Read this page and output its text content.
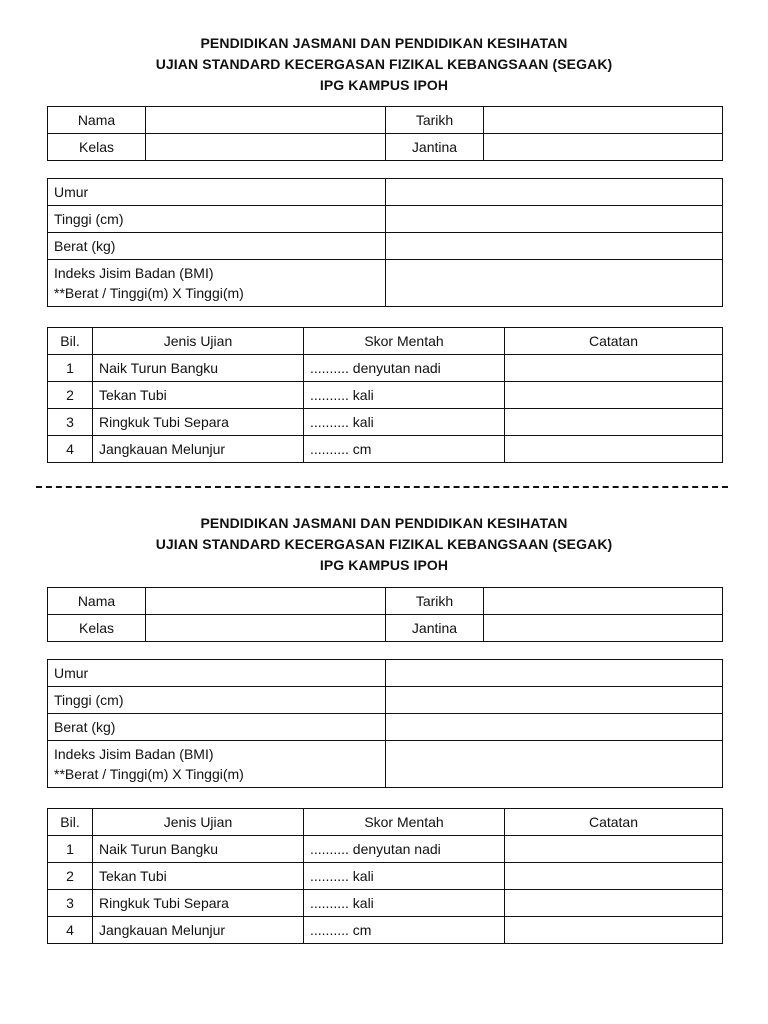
PENDIDIKAN JASMANI DAN PENDIDIKAN KESIHATAN
UJIAN STANDARD KECERGASAN FIZIKAL KEBANGSAAN (SEGAK)
IPG KAMPUS IPOH
Nama		Tarikh	
Kelas		Jantina	
Umur	
Tinggi (cm)	
Berat (kg)	

Indeks Jisim Badan (BMI)
**Berat / Tinggi(m) X Tinggi(m)	

Bil.	Jenis Ujian	Skor Mentah	Catatan
1	Naik Turun Bangku	.......... denyutan nadi	
2	Tekan Tubi	.......... kali	
3	Ringkuk Tubi Separa	.......... kali	
4	Jangkauan Melunjur	.......... cm	
PENDIDIKAN JASMANI DAN PENDIDIKAN KESIHATAN
UJIAN STANDARD KECERGASAN FIZIKAL KEBANGSAAN (SEGAK)
IPG KAMPUS IPOH
Nama		Tarikh	
Kelas		Jantina	
Umur	
Tinggi (cm)	
Berat (kg)	

Indeks Jisim Badan (BMI)
**Berat / Tinggi(m) X Tinggi(m)	

Bil.	Jenis Ujian	Skor Mentah	Catatan
1	Naik Turun Bangku	.......... denyutan nadi	
2	Tekan Tubi	.......... kali	
3	Ringkuk Tubi Separa	.......... kali	
4	Jangkauan Melunjur	.......... cm	
